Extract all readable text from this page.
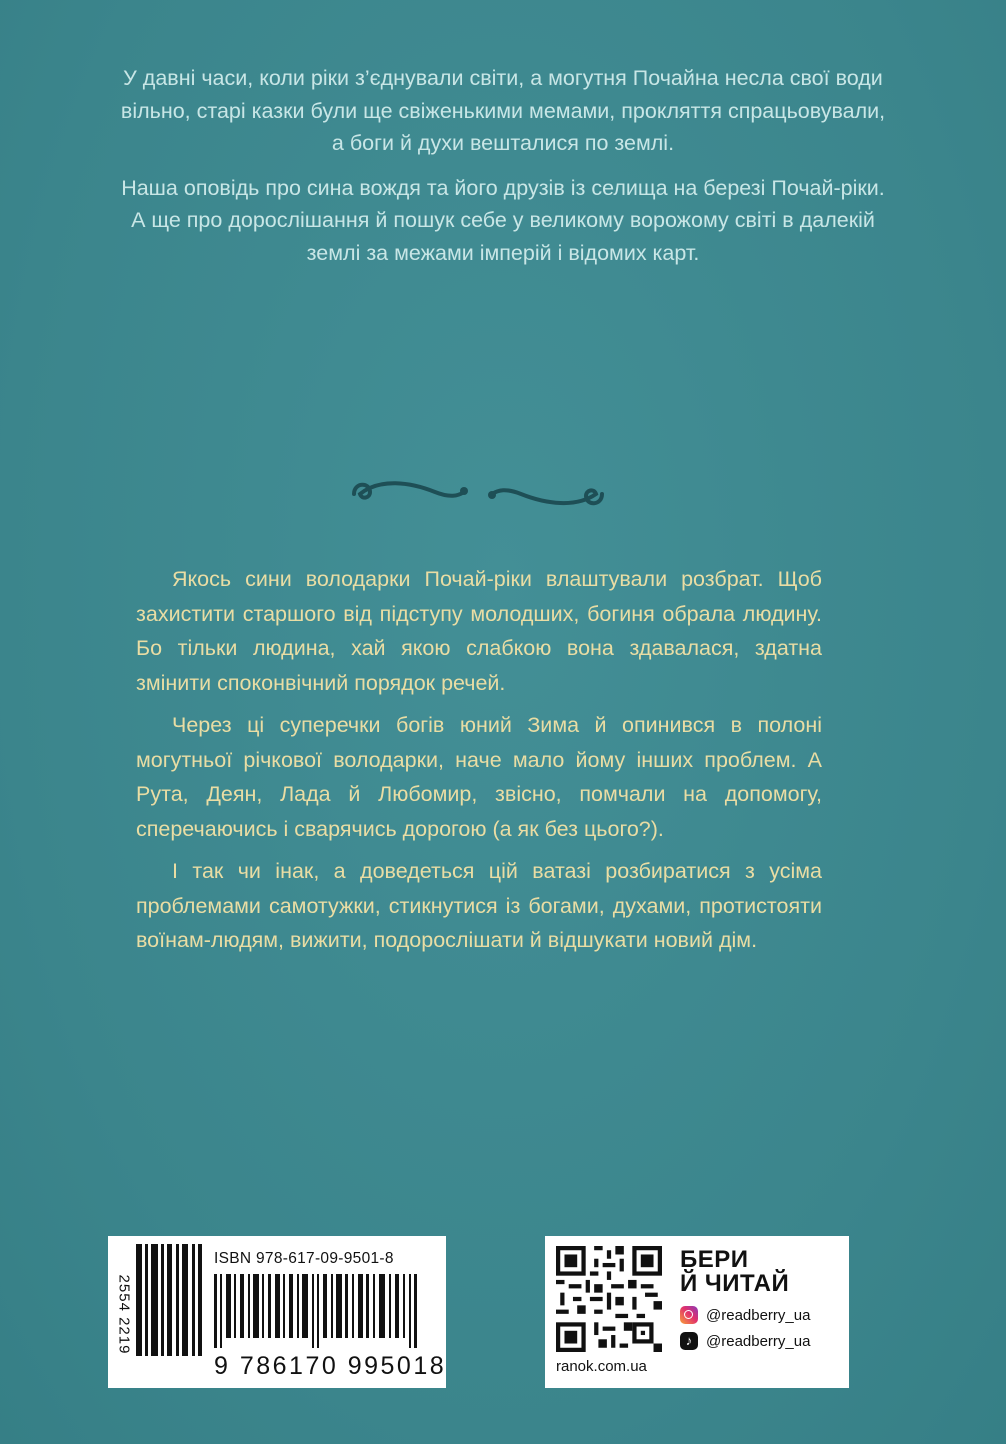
У давні часи, коли ріки з’єднували світи, а могутня Почайна несла свої води вільно, старі казки були ще свіженькими мемами, прокляття спрацьовували, а боги й духи вешталися по землі.

Наша оповідь про сина вождя та його друзів із селища на березі Почай-ріки. А ще про дорослішання й пошук себе у великому ворожому світі в далекій землі за межами імперій і відомих карт.

Якось сини володарки Почай-ріки влаштували розбрат. Щоб захистити старшого від підступу молодших, богиня обрала людину. Бо тільки людина, хай якою слабкою вона здавалася, здатна змінити споконвічний порядок речей.

Через ці суперечки богів юний Зима й опинився в полоні могутньої річкової володарки, наче мало йому інших проблем. А Рута, Деян, Лада й Любомир, звісно, помчали на допомогу, сперечаючись і сварячись дорогою (а як без цього?).

І так чи інак, а доведеться цій ватазі розбиратися з усіма проблемами самотужки, стикнутися із богами, духами, протистояти воїнам-людям, вижити, подорослішати й відшукати новий дім.

2554 2219
ISBN 978-617-09-9501-8
9 786170 995018	ranok.com.ua
БЕРИ
Й ЧИТАЙ
@readberry_ua
♪ @readberry_ua
